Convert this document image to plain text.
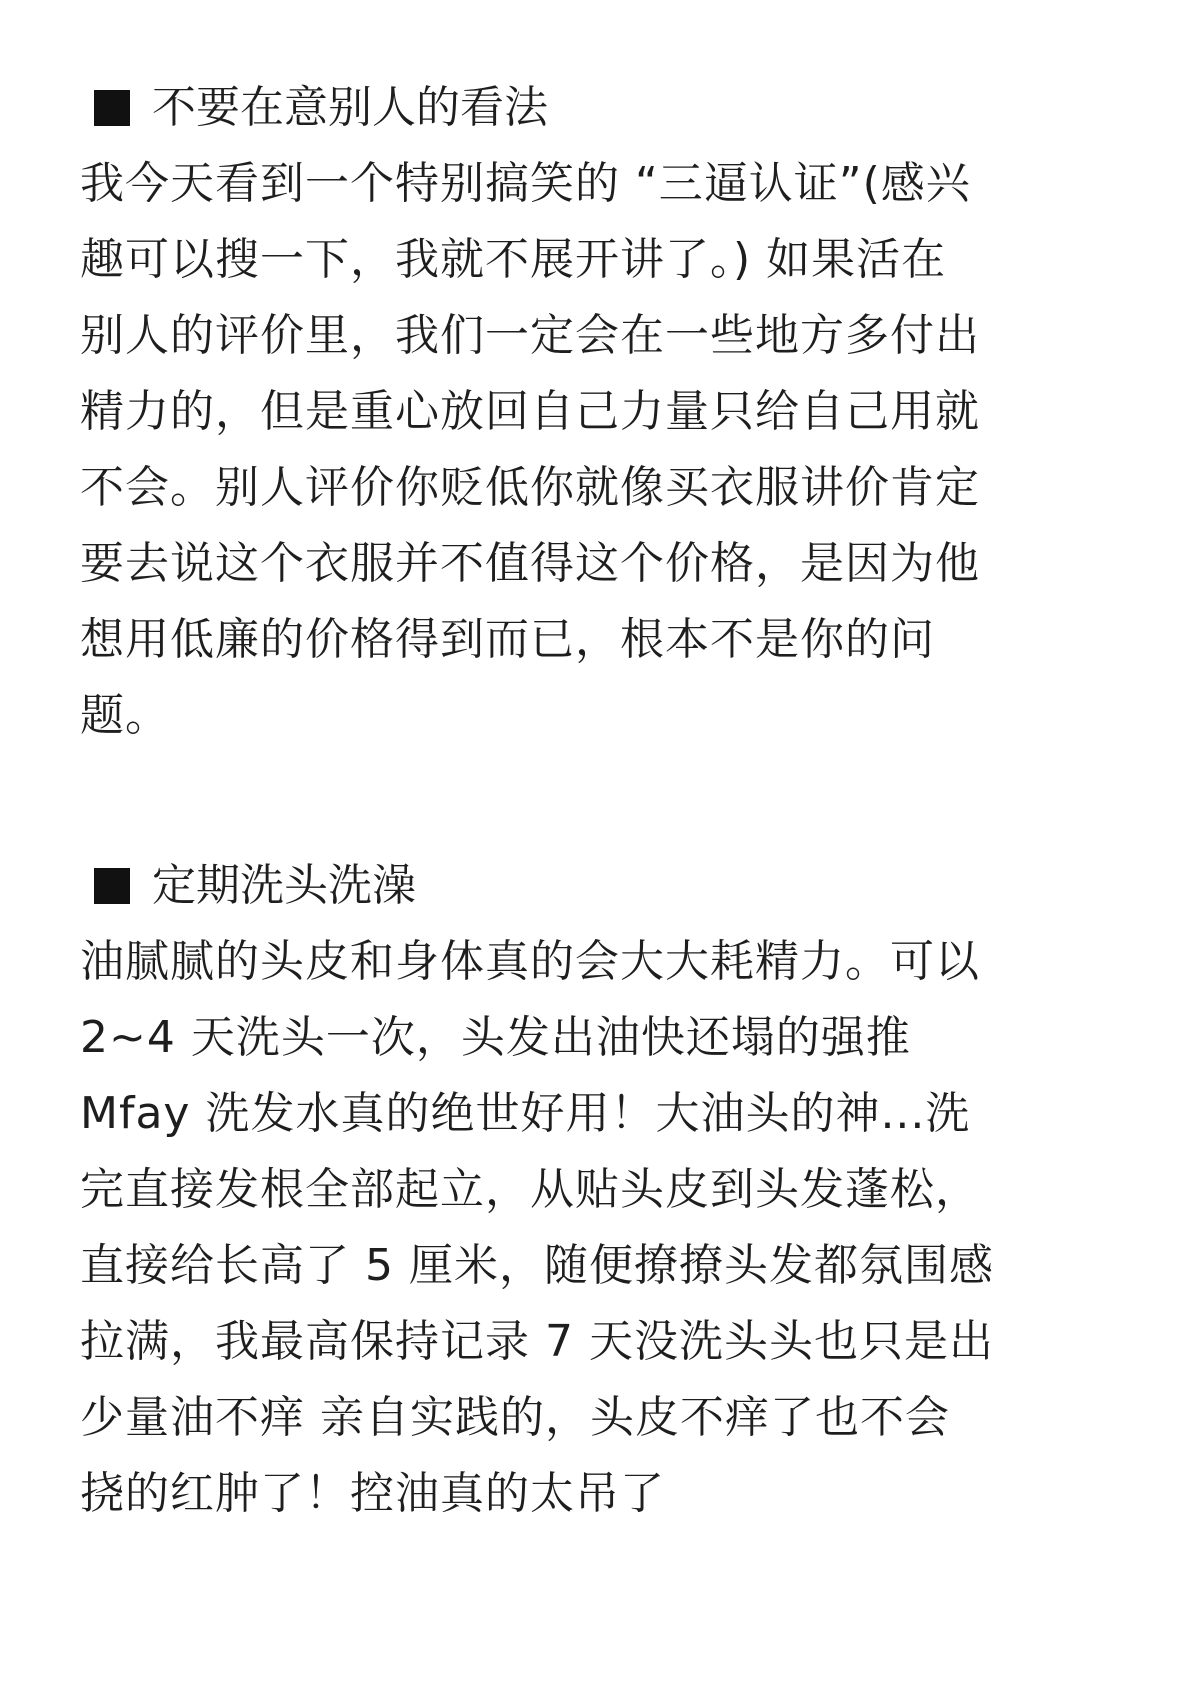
不要在意别人的看法
我今天看到一个特别搞笑的 “三逼认证”(感兴
趣可以搜一下，我就不展开讲了。) 如果活在
别人的评价里，我们一定会在一些地方多付出
精力的，但是重心放回自己力量只给自己用就
不会。别人评价你贬低你就像买衣服讲价肯定
要去说这个衣服并不值得这个价格，是因为他
想用低廉的价格得到而已，根本不是你的问
题。
定期洗头洗澡
油腻腻的头皮和身体真的会大大耗精力。可以
2~4 天洗头一次，头发出油快还塌的强推
Mfay 洗发水真的绝世好用！大油头的神...洗
完直接发根全部起立，从贴头皮到头发蓬松，
直接给长高了 5 厘米，随便撩撩头发都氛围感
拉满，我最高保持记录 7 天没洗头头也只是出
少量油不痒 亲自实践的，头皮不痒了也不会
挠的红肿了！控油真的太吊了
